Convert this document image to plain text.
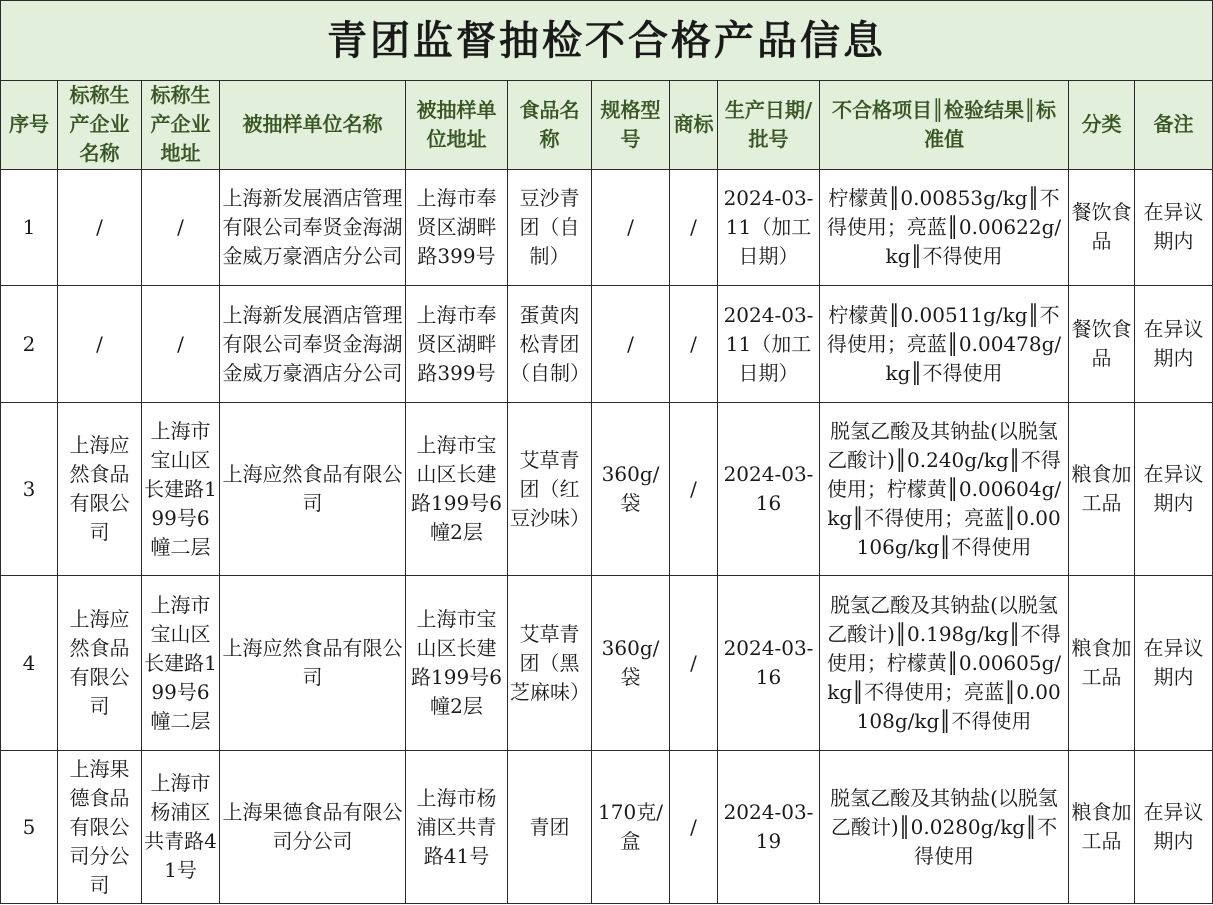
青团监督抽检不合格产品信息											
序号	标称生产企业名称	标称生产企业地址	被抽样单位名称	被抽样单位地址	食品名称	规格型号	商标	生产日期/批号	不合格项目║检验结果║标准值	分类	备注
1	/	/	上海新发展酒店管理有限公司奉贤金海湖金威万豪酒店分公司	上海市奉贤区湖畔路399号	豆沙青团（自制）	/	/	2024-03-11（加工日期）	柠檬黄║0.00853g/kg║不得使用；亮蓝║0.00622g/kg║不得使用	餐饮食品	在异议期内
2	/	/	上海新发展酒店管理有限公司奉贤金海湖金威万豪酒店分公司	上海市奉贤区湖畔路399号	蛋黄肉松青团（自制）	/	/	2024-03-11（加工日期）	柠檬黄║0.00511g/kg║不得使用；亮蓝║0.00478g/kg║不得使用	餐饮食品	在异议期内
3	上海应然食品有限公司	上海市宝山区长建路199号6幢二层	上海应然食品有限公司	上海市宝山区长建路199号6幢2层	艾草青团（红豆沙味）	360g/袋	/	2024-03-16	脱氢乙酸及其钠盐(以脱氢乙酸计)║0.240g/kg║不得使用；柠檬黄║0.00604g/kg║不得使用；亮蓝║0.00106g/kg║不得使用	粮食加工品	在异议期内
4	上海应然食品有限公司	上海市宝山区长建路199号6幢二层	上海应然食品有限公司	上海市宝山区长建路199号6幢2层	艾草青团（黑芝麻味）	360g/袋	/	2024-03-16	脱氢乙酸及其钠盐(以脱氢乙酸计)║0.198g/kg║不得使用；柠檬黄║0.00605g/kg║不得使用；亮蓝║0.00108g/kg║不得使用	粮食加工品	在异议期内
5	上海果德食品有限公司分公司	上海市杨浦区共青路41号	上海果德食品有限公司分公司	上海市杨浦区共青路41号	青团	170克/盒	/	2024-03-19	脱氢乙酸及其钠盐(以脱氢乙酸计)║0.0280g/kg║不得使用	粮食加工品	在异议期内
